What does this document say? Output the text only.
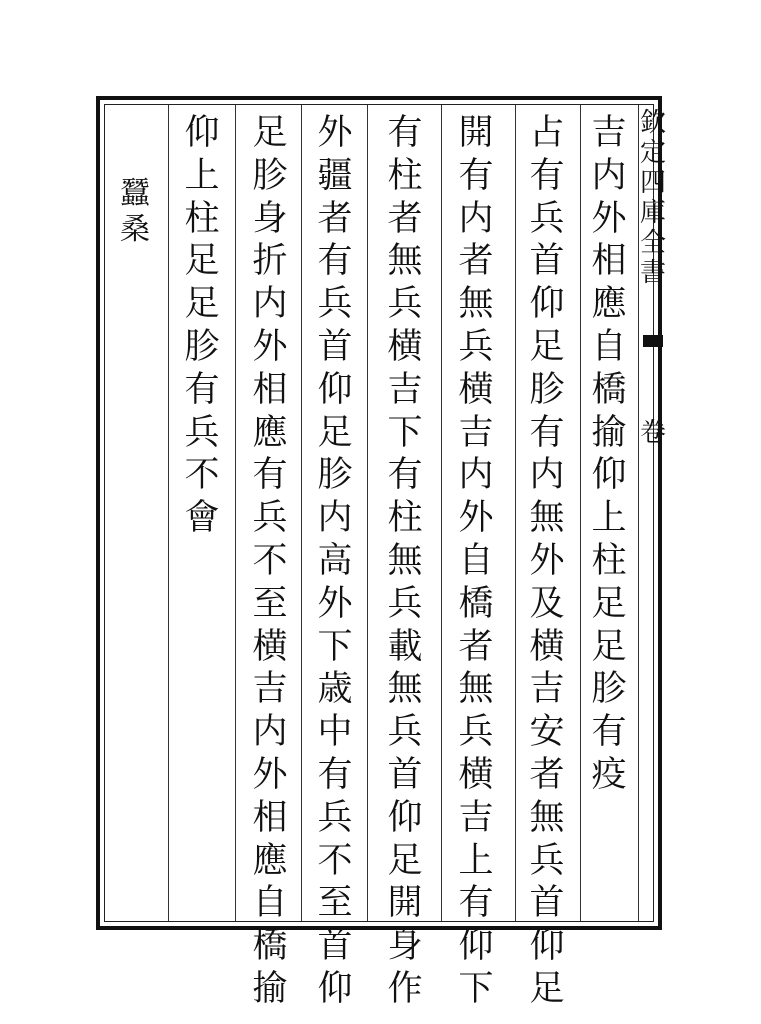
欽
定
四
庫
全
書
卷
吉
内
外
相
應
自
橋
揄
仰
上
柱
足
足
胗
有
疫
占
有
兵
首
仰
足
胗
有
内
無
外
及
横
吉
安
者
無
兵
首
仰
足
開
有
内
者
無
兵
横
吉
内
外
自
橋
者
無
兵
横
吉
上
有
仰
下
有
柱
者
無
兵
横
吉
下
有
柱
無
兵
載
無
兵
首
仰
足
開
身
作
外
疆
者
有
兵
首
仰
足
胗
内
高
外
下
歳
中
有
兵
不
至
首
仰
足
胗
身
折
内
外
相
應
有
兵
不
至
横
吉
内
外
相
應
自
橋
揄
仰
上
柱
足
足
胗
有
兵
不
會
蠶
桑
